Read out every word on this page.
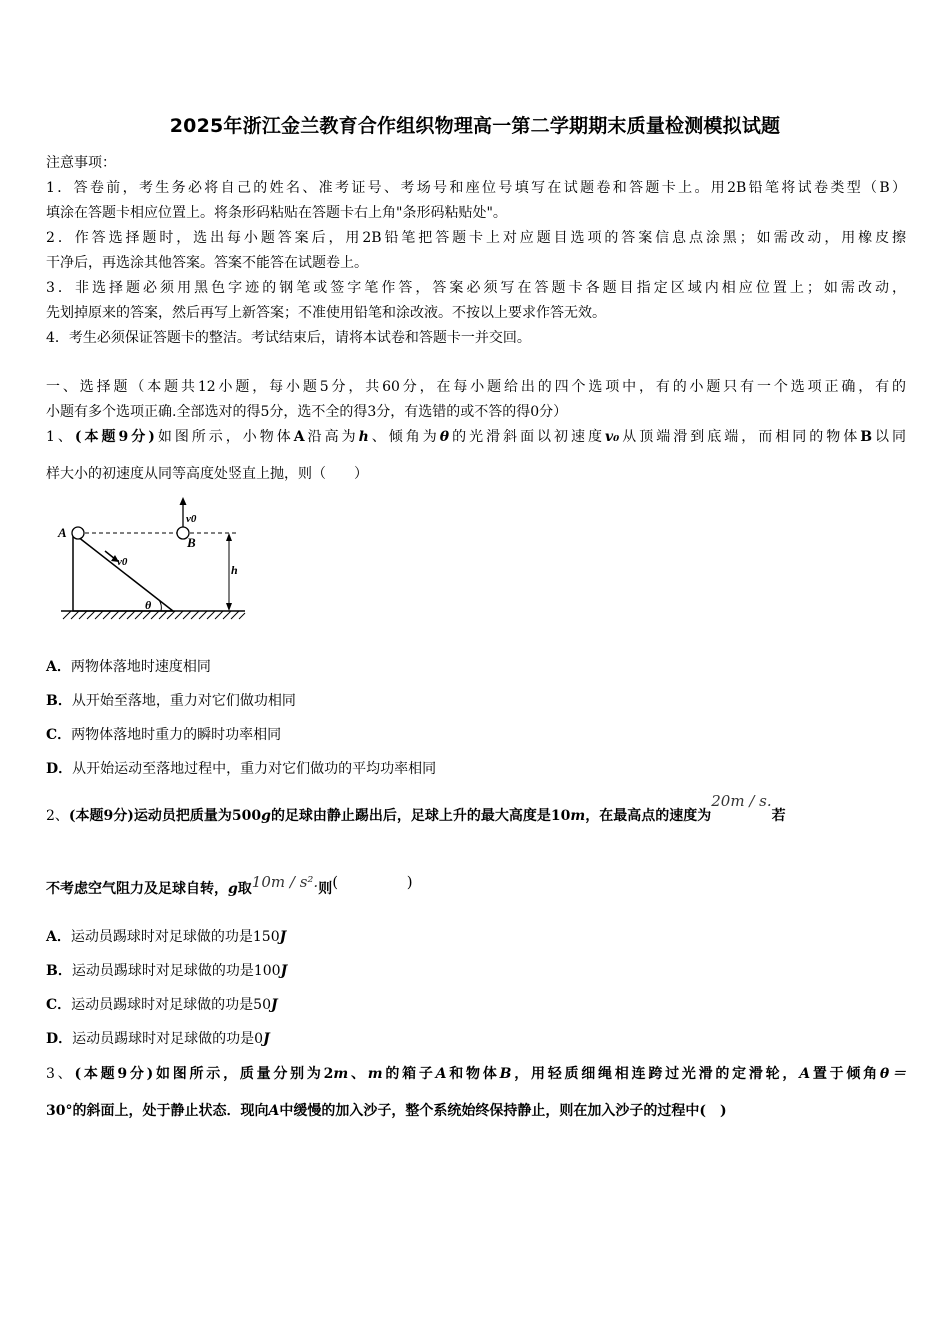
2025年浙江金兰教育合作组织物理高一第二学期期末质量检测模拟试题
注意事项：
1．答卷前，考生务必将自己的姓名、准考证号、考场号和座位号填写在试题卷和答题卡上。用2B铅笔将试卷类型（B）
填涂在答题卡相应位置上。将条形码粘贴在答题卡右上角"条形码粘贴处"。
2．作答选择题时，选出每小题答案后，用2B铅笔把答题卡上对应题目选项的答案信息点涂黑；如需改动，用橡皮擦
干净后，再选涂其他答案。答案不能答在试题卷上。
3．非选择题必须用黑色字迹的钢笔或签字笔作答，答案必须写在答题卡各题目指定区域内相应位置上；如需改动，
先划掉原来的答案，然后再写上新答案；不准使用铅笔和涂改液。不按以上要求作答无效。
4．考生必须保证答题卡的整洁。考试结束后，请将本试卷和答题卡一并交回。
一、选择题（本题共12小题，每小题5分，共60分，在每小题给出的四个选项中，有的小题只有一个选项正确，有的
小题有多个选项正确.全部选对的得5分，选不全的得3分，有选错的或不答的得0分）
1、(本题9分)如图所示，小物体A沿高为h、倾角为θ的光滑斜面以初速度v₀从顶端滑到底端，而相同的物体B以同
样大小的初速度从同等高度处竖直上抛，则（　　）
A
B
v0
v0
h
θ
A．两物体落地时速度相同
B．从开始至落地，重力对它们做功相同
C．两物体落地时重力的瞬时功率相同
D．从开始运动至落地过程中，重力对它们做功的平均功率相同
2、(本题9分)运动员把质量为500g的足球由静止踢出后，足球上升的最大高度是10m，在最高点的速度为20m / s.若
不考虑空气阻力及足球自转，g取10m / s².则( )
A．运动员踢球时对足球做的功是150J
B．运动员踢球时对足球做的功是100J
C．运动员踢球时对足球做的功是50J
D．运动员踢球时对足球做的功是0J
3、(本题9分)如图所示，质量分别为2m、m的箱子A和物体B，用轻质细绳相连跨过光滑的定滑轮，A置于倾角θ＝
30°的斜面上，处于静止状态．现向A中缓慢的加入沙子，整个系统始终保持静止，则在加入沙子的过程中(　)
